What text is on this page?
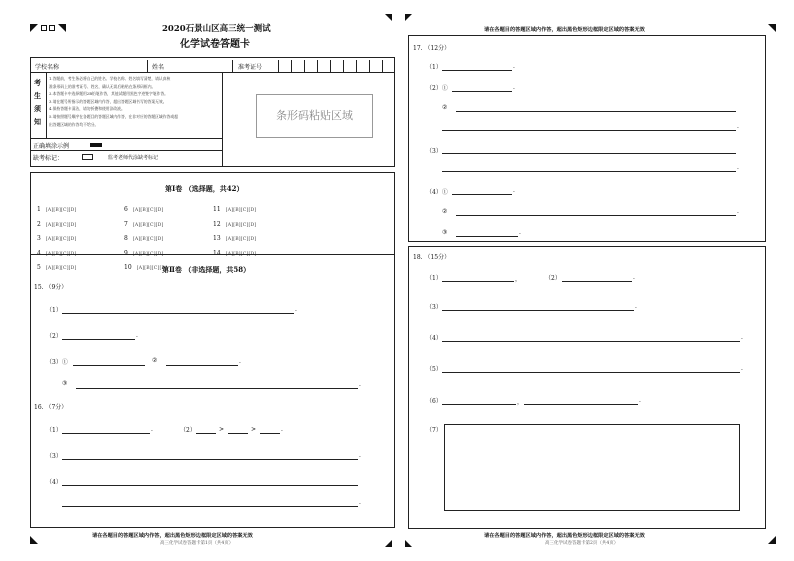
2020石景山区高三统一测试
化学试卷答题卡
学校名称	姓名	准考证号
考
生
须
知
1.答题前，考生务必将自己的姓名、学校名称、姓名填写清楚，请认真核
准条形码上的准考证号、姓名，确认无误后粘贴在条形码框内。
2.本答题卡中选择题用2B铅笔作答，其他试题用黑色字迹签字笔作答。
3.请在题号所指示的答题区域内作答，超出答题区域书写的答案无效。
4.保持答题卡清洁，请勿折叠和使用涂改液。
5.请按照题号顺序在各题目的答题区域内作答，在非对应的答题区域作答或超
出答题区域的作答均不给分。
条形码粘贴区域
正确填涂示例
缺考标记：	监考老师代涂缺考标记
第Ⅰ卷 （选择题，共42）
1 [A][B][C][D]
2 [A][B][C][D]
3 [A][B][C][D]
4 [A][B][C][D]
5 [A][B][C][D]
6 [A][B][C][D]
7 [A][B][C][D]
8 [A][B][C][D]
9 [A][B][C][D]
10 [A][B][C][D]
11 [A][B][C][D]
12 [A][B][C][D]
13 [A][B][C][D]
14 [A][B][C][D]
第Ⅱ卷 （非选择题，共58）
15. （9分）
（1）	.
（2）	.
（3）①	②	.
③	.
16. （7分）
（1）	.	（2）	>	>	.
（3）	.
（4）
.
请在各题目的答题区域内作答，超出黑色矩形边框限定区域的答案无效
高三化学试卷答题卡第1页（共4页）
请在各题目的答题区域内作答，超出黑色矩形边框限定区域的答案无效
17. （12分）
（1）	.
（2）①	.
②
.
（3）
.
（4）①	.
②	.
③	.
18. （15分）
（1）	，	（2）	.
（3）	.
（4）	.
（5）	.
（6）	，	.
（7）
请在各题目的答题区域内作答，超出黑色矩形边框限定区域的答案无效
高三化学试卷答题卡第2页（共4页）
